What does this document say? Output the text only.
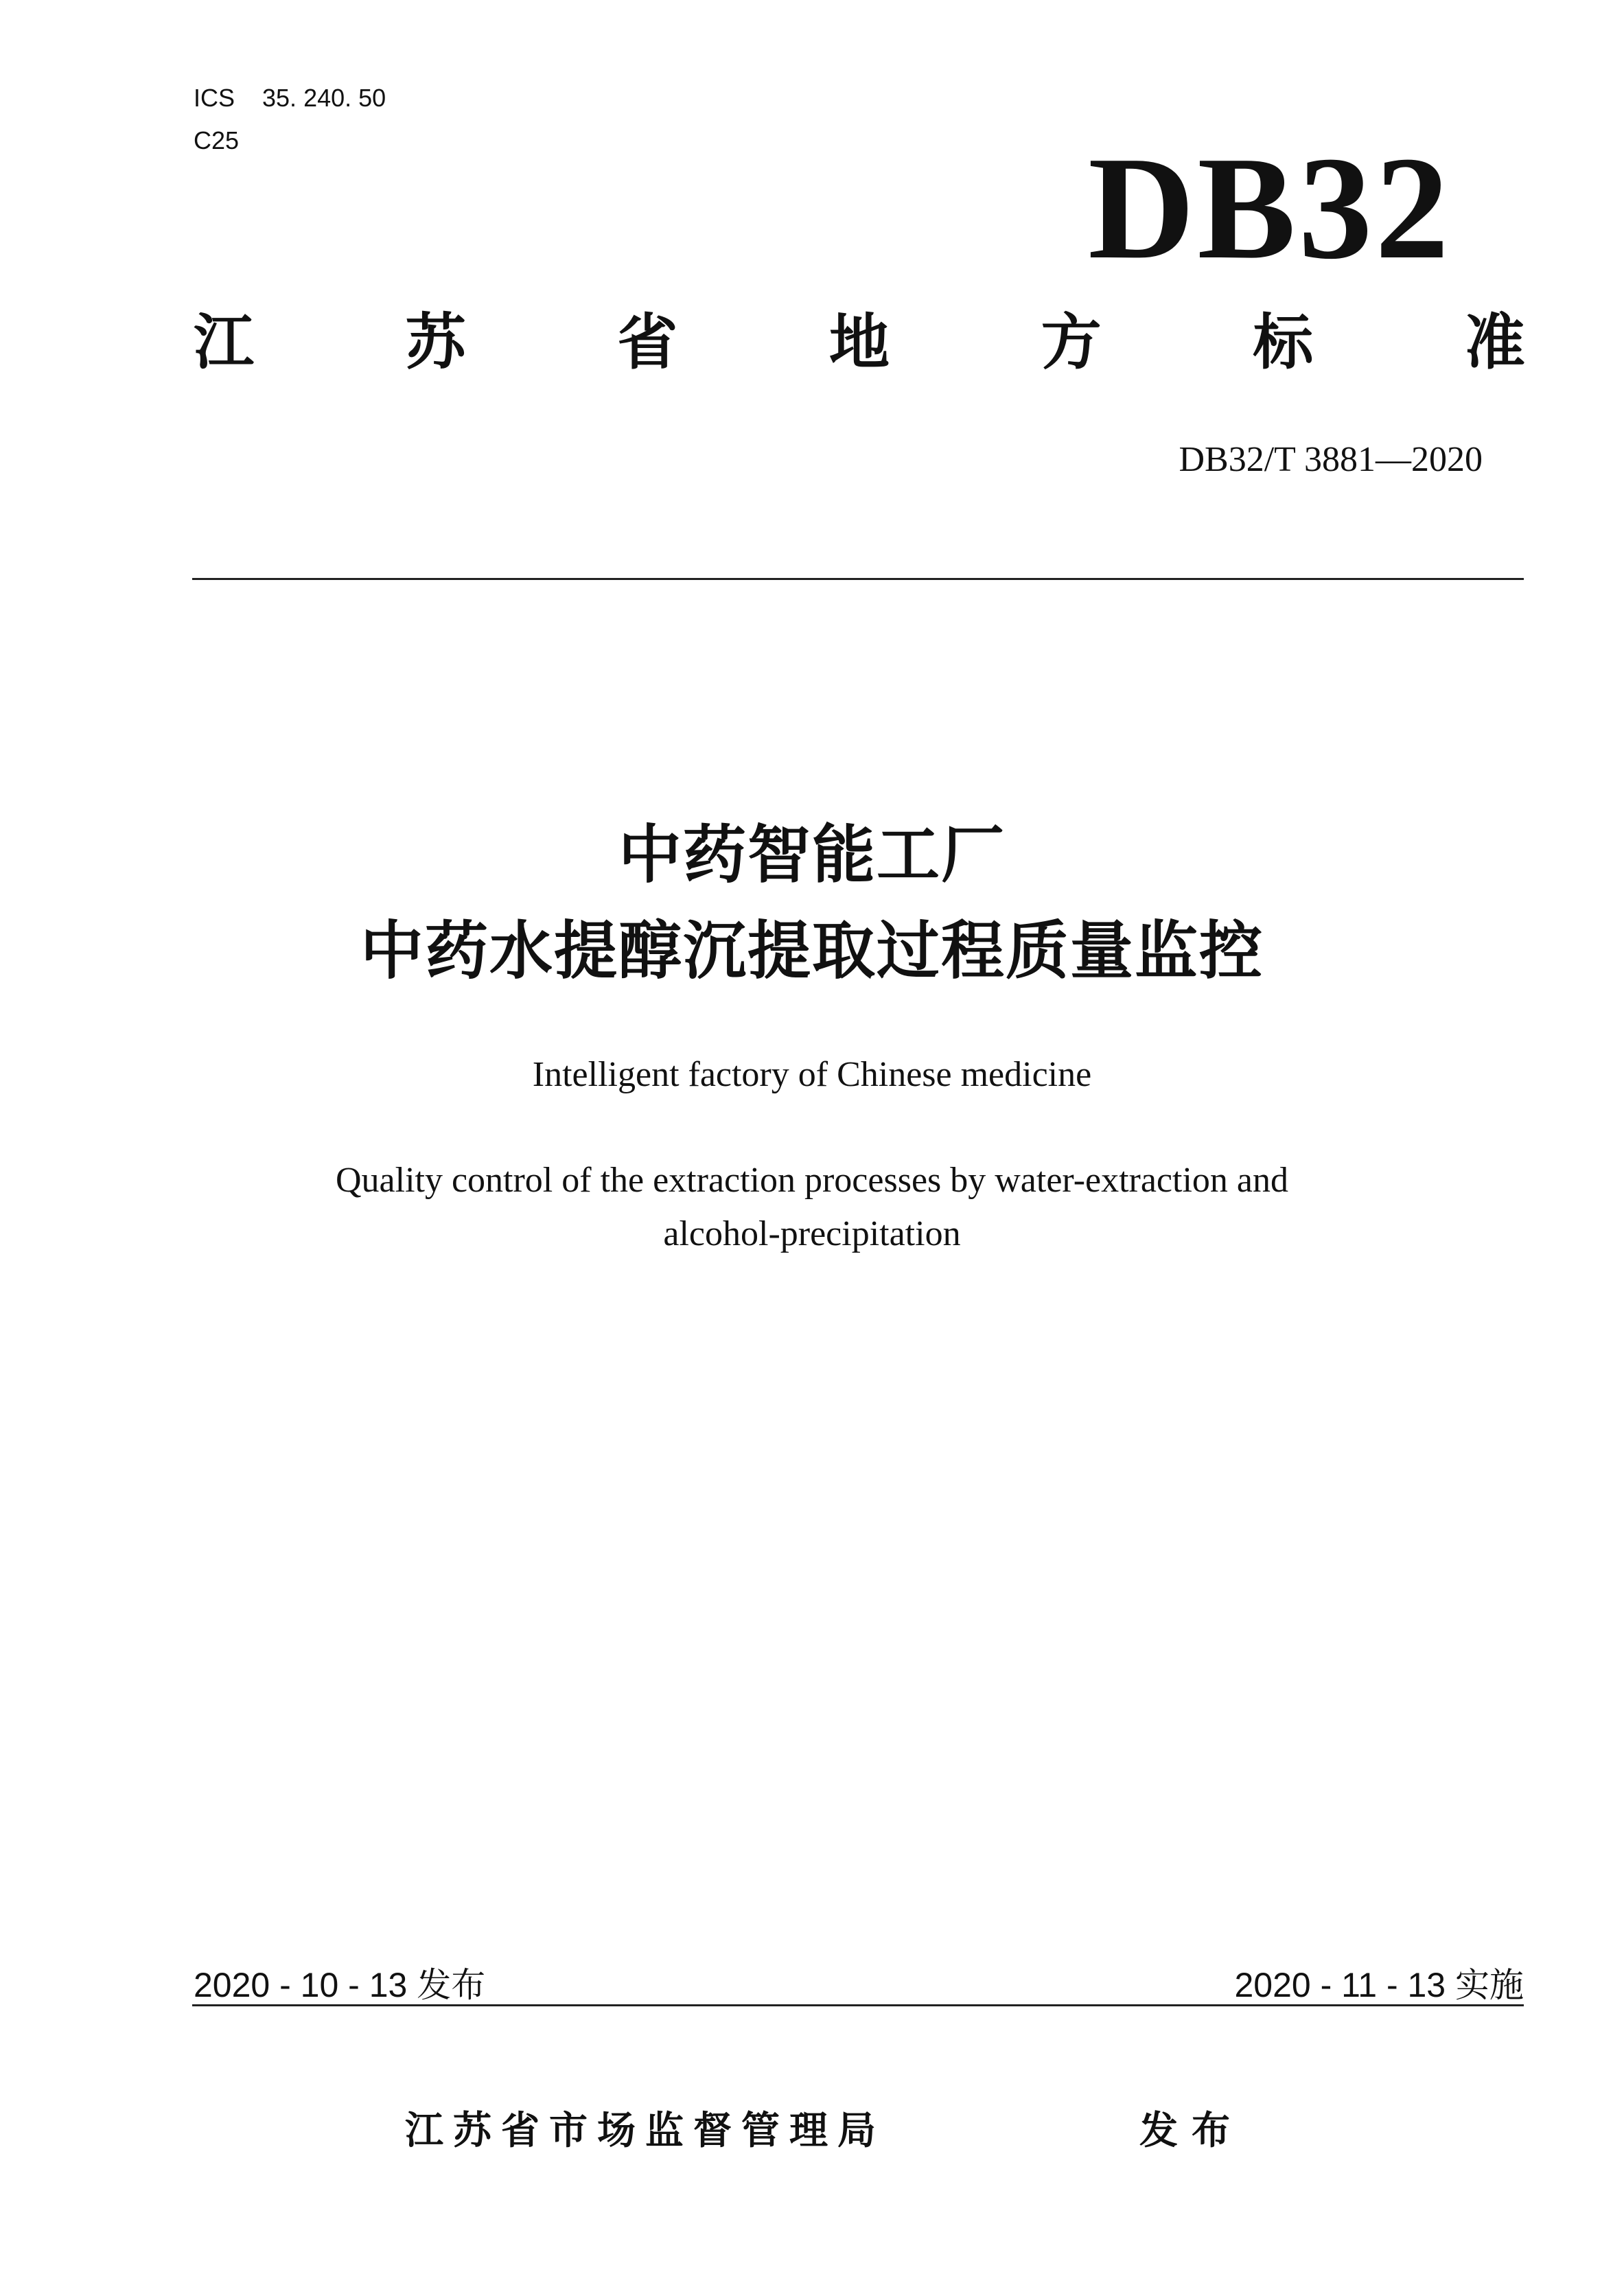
ICS 35. 240. 50
C25	DB32
江	苏	省	地	方	标	准
DB32/T 3881—2020
中药智能工厂
中药水提醇沉提取过程质量监控
Intelligent factory of Chinese medicine
Quality control of the extraction processes by water-extraction and
alcohol-precipitation
2020 - 10 - 13 发布	2020 - 11 - 13 实施
江苏省市场监督管理局	发布
